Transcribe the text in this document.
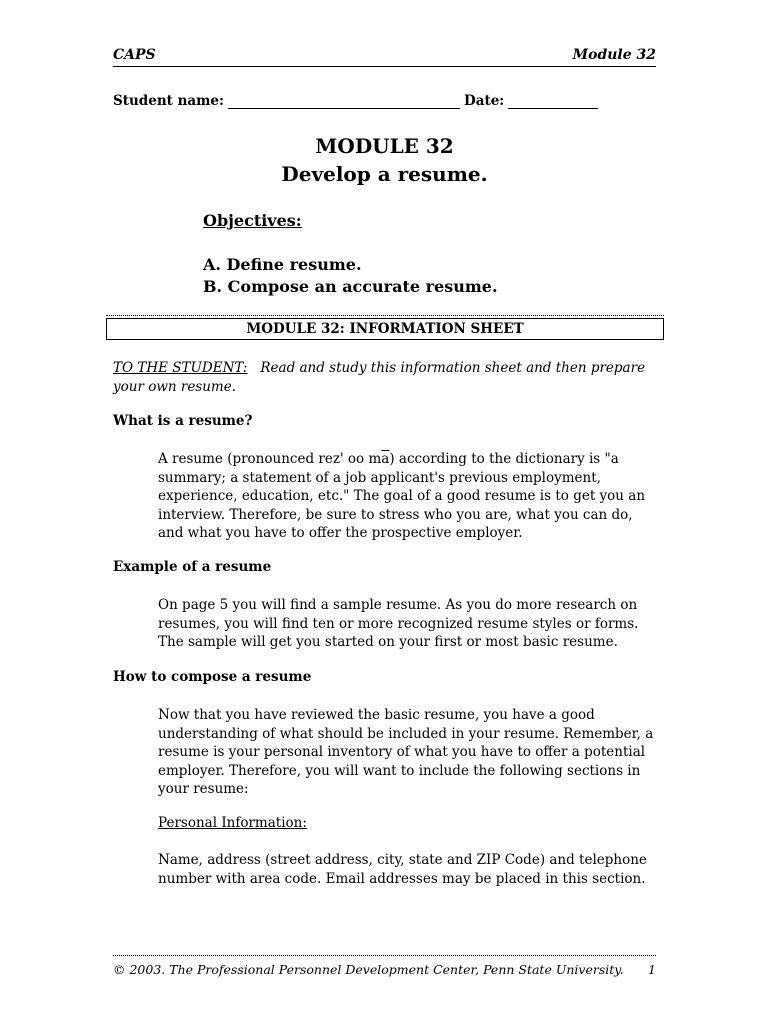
CAPS	Module 32
Student name:	Date:
MODULE 32
Develop a resume.
Objectives:
A. Define resume.
B. Compose an accurate resume.
MODULE 32: INFORMATION SHEET
TO THE STUDENT: Read and study this information sheet and then prepare your own resume.
What is a resume?
A resume (pronounced rez' oo $m\overline{a}$) according to the dictionary is "a summary; a statement of a job applicant's previous employment, experience, education, etc." The goal of a good resume is to get you an interview. Therefore, be sure to stress who you are, what you can do, and what you have to offer the prospective employer.
Example of a resume
On page 5 you will find a sample resume. As you do more research on resumes, you will find ten or more recognized resume styles or forms. The sample will get you started on your first or most basic resume.
How to compose a resume
Now that you have reviewed the basic resume, you have a good understanding of what should be included in your resume. Remember, a resume is your personal inventory of what you have to offer a potential employer. Therefore, you will want to include the following sections in your resume:
Personal Information:
Name, address (street address, city, state and ZIP Code) and telephone number with area code. Email addresses may be placed in this section.
© 2003. The Professional Personnel Development Center, Penn State University. 1
